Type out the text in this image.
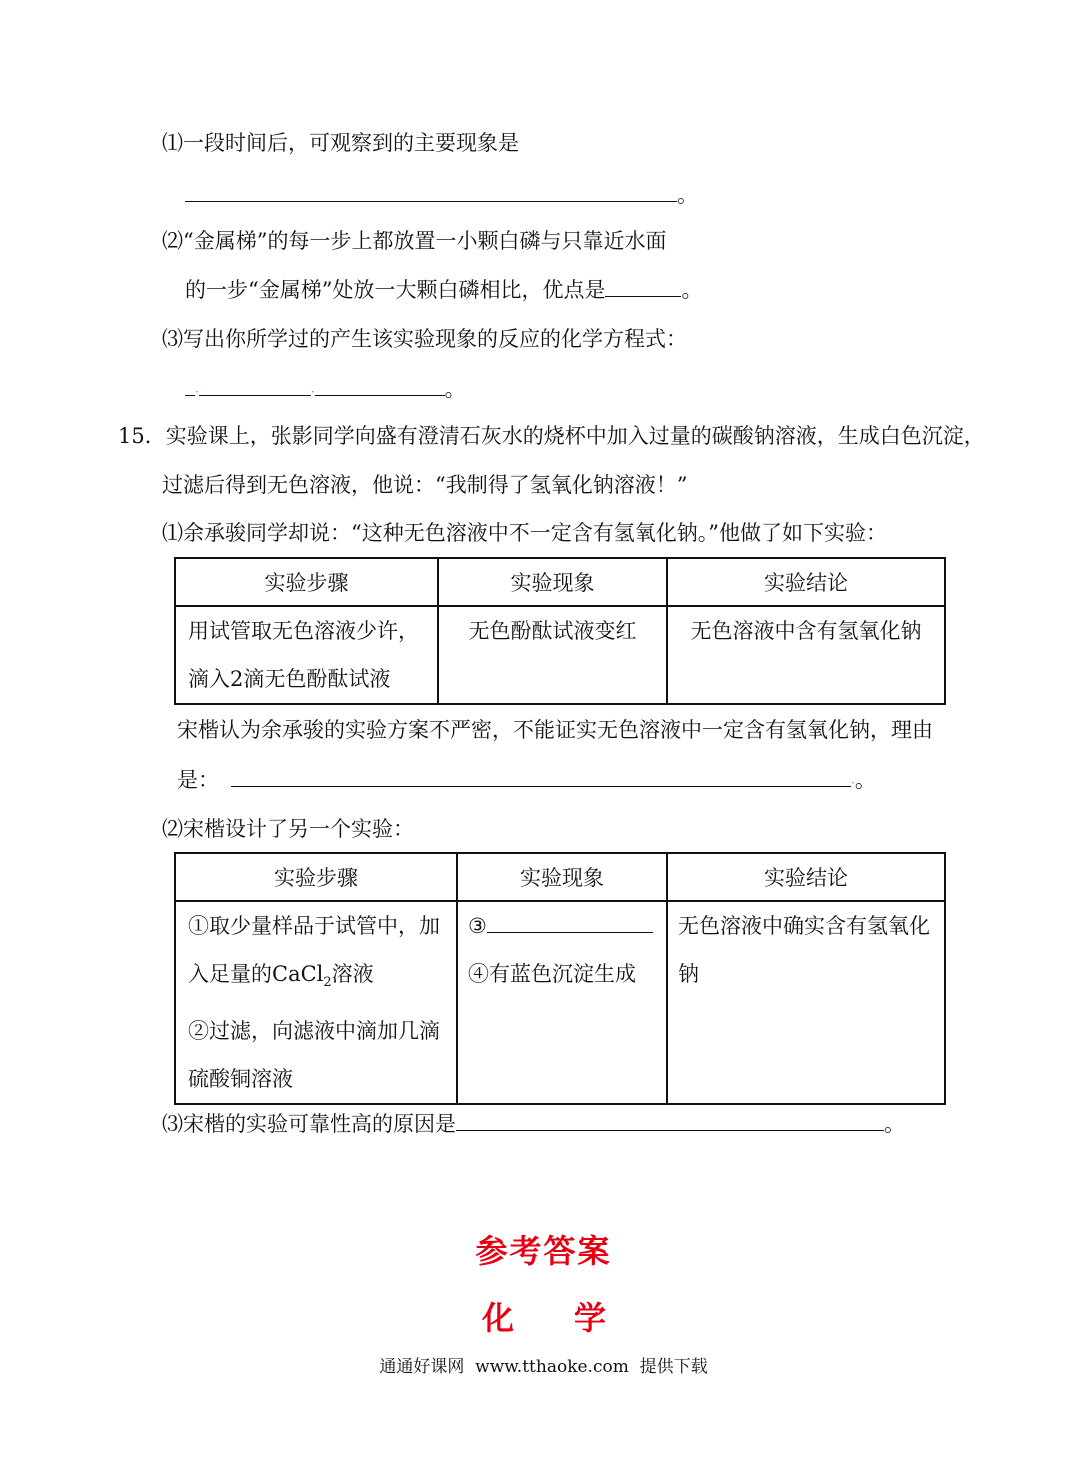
⑴一段时间后，可观察到的主要现象是
。
⑵“金属梯”的每一步上都放置一小颗白磷与只靠近水面
的一步“金属梯”处放一大颗白磷相比，优点是	。
⑶写出你所学过的产生该实验现象的反应的化学方程式：
·	·	。
15．实验课上，张影同学向盛有澄清石灰水的烧杯中加入过量的碳酸钠溶液，生成白色沉淀，
过滤后得到无色溶液，他说：“我制得了氢氧化钠溶液！”
⑴余承骏同学却说：“这种无色溶液中不一定含有氢氧化钠。”他做了如下实验：
实验步骤	实验现象	实验结论

用试管取无色溶液少许，
滴入2滴无色酚酞试液	无色酚酞试液变红	无色溶液中含有氢氧化钠
宋楷认为余承骏的实验方案不严密，不能证实无色溶液中一定含有氢氧化钠，理由
是：	·。
⑵宋楷设计了另一个实验：
实验步骤	实验现象	实验结论

①取少量样品于试管中，加
入足量的CaCl$_2$溶液
②过滤，向滤液中滴加几滴
硫酸铜溶液	③
④有蓝色沉淀生成	无色溶液中确实含有氢氧化
钠
⑶宋楷的实验可靠性高的原因是	。
参考答案
化 学
通通好课网  www.tthaoke.com  提供下载
